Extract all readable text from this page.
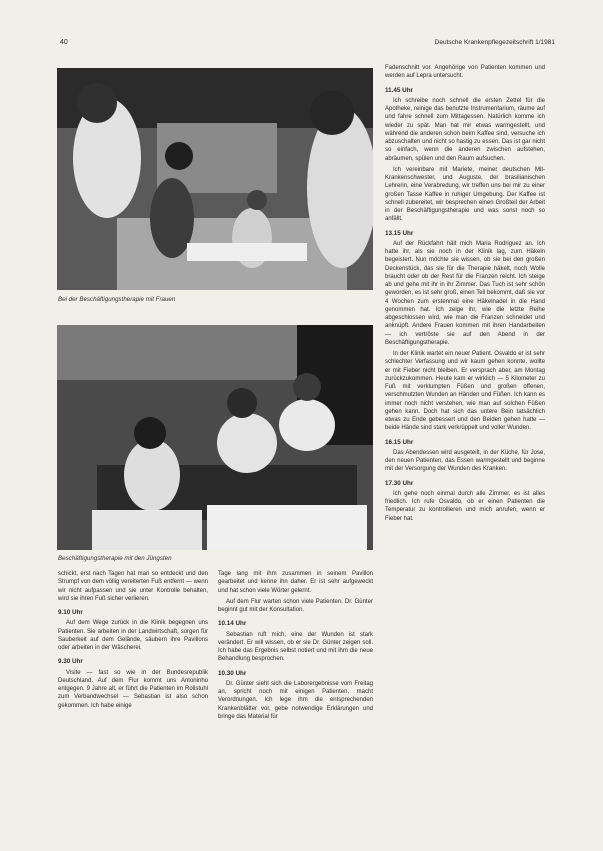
40	Deutsche Krankenpflegezeitschrift 1/1981
Bei der Beschäftigungstherapie mit Frauen
Beschäftigungstherapie mit den Jüngsten

schickt, erst nach Tagen hat man so entdeckt und den Strumpf von dem völlig vereiterten Fuß entfernt — wenn wir nicht aufpassen und sie unter Kontrolle behalten, wird sie ihren Fuß sicher verlieren.

9.10 Uhr

Auf dem Wege zurück in die Klinik begegnen uns Patienten. Sie arbeiten in der Landwirtschaft, sorgen für Sauberkeit auf dem Gelände, säubern ihre Pavillons oder arbeiten in der Wäscherei.

9.30 Uhr

Visite — fast so wie in der Bundesrepublik Deutschland. Auf dem Flur kommt uns Antoninho entgegen. 9 Jahre alt, er führt die Patienten im Rollstuhl zum Verbandwechsel — Sebastian ist also schon gekommen. Ich habe einige

Tage lang mit ihm zusammen in seinem Pavillon gearbeitet und kenne ihn daher. Er ist sehr aufgeweckt und hat schon viele Wörter gelernt.

Auf dem Flur warten schon viele Patienten. Dr. Günter beginnt gut mit der Konsultation.

10.14 Uhr

Sebastian ruft mich, eine der Wunden ist stark verändert. Er will wissen, ob er sie Dr. Günter zeigen soll. Ich habe das Ergebnis selbst notiert und mit ihm die neue Behandlung besprochen.

10.30 Uhr

Dr. Günter sieht sich die Laborergebnisse vom Freitag an, spricht noch mit einigen Patienten, macht Verordnungen. Ich lege ihm die entsprechenden Krankenblätter vor, gebe notwendige Erklärungen und bringe das Material für

Fadenschnitt vor. Angehörige von Patienten kommen und werden auf Lepra untersucht.

11.45 Uhr

Ich schreibe noch schnell die ersten Zettel für die Apotheke, reinige das benutzte Instrumentarium, räume auf und fahre schnell zum Mittagessen. Natürlich komme ich wieder zu spät. Man hat mir etwas warmgestellt, und während die anderen schon beim Kaffee sind, versuche ich abzuschalten und nicht so hastig zu essen. Das ist gar nicht so einfach, wenn die anderen zwischen aufstehen, abräumen, spülen und den Raum aufsuchen.

Ich vereinbare mit Mariete, meiner deutschen Mit-Krankenschwester, und Auguste, der brasilianischen Lehrerin, eine Verabredung, wir treffen uns bei mir zu einer großen Tasse Kaffee in ruhiger Umgebung. Der Kaffee ist schnell zubereitet, wir besprechen einen Großteil der Arbeit in der Beschäftigungstherapie und was sonst noch so anfällt.

13.15 Uhr

Auf der Rückfahrt hält mich Maria Rodriguez an. Ich hatte ihr, als sie noch in der Klinik lag, zum Häkeln begeistert. Nun möchte sie wissen, ob sie bei den großen Deckenstück, das sie für die Therapie häkelt, noch Wolle braucht oder ob der Rest für die Franzen reicht. Ich steige ab und gehe mit ihr in ihr Zimmer. Das Tuch ist sehr schön geworden, es ist sehr groß, einen Teil bekommt, daß sie vor 4 Wochen zum erstenmal eine Häkelnadel in die Hand genommen hat. Ich zeige ihr, wie die letzte Reihe abgeschlossen wird, wie man die Franzen schneidet und anknüpft. Andere Frauen kommen mit ihren Handarbeiten — ich vertröste sie auf den Abend in der Beschäftigungstherapie.

In der Klinik wartet ein neuer Patient. Osvaldo er ist sehr schlechter Verfassung und wir kaum gehen konnte, wollte er mit Fieber nicht bleiben. Er versprach aber, am Montag zurückzukommen. Heute kam er wirklich — 5 Kilometer zu Fuß mit verklumpten Füßen und großen offenen, verschmutzten Wunden an Händen und Füßen. Ich kann es immer noch nicht verstehen, wie man auf solchen Füßen gehen kann. Doch hat sich das untere Bein tatsächlich etwas zu Ende gebessert und den Beiden gehen hatte — beide Hände sind stark verkrüppelt und voller Wunden.

16.15 Uhr

Das Abendessen wird ausgeteilt, in der Küche, für Jose, den neuen Patienten, das Essen warmgestellt und beginne mit der Versorgung der Wunden des Kranken.

17.30 Uhr

Ich gehe noch einmal durch alle Zimmer, es ist alles friedlich. Ich rufe Osvaldo, ob er einen Patienten die Temperatur zu kontrollieren und mich anrufen, wenn er Fieber hat.
